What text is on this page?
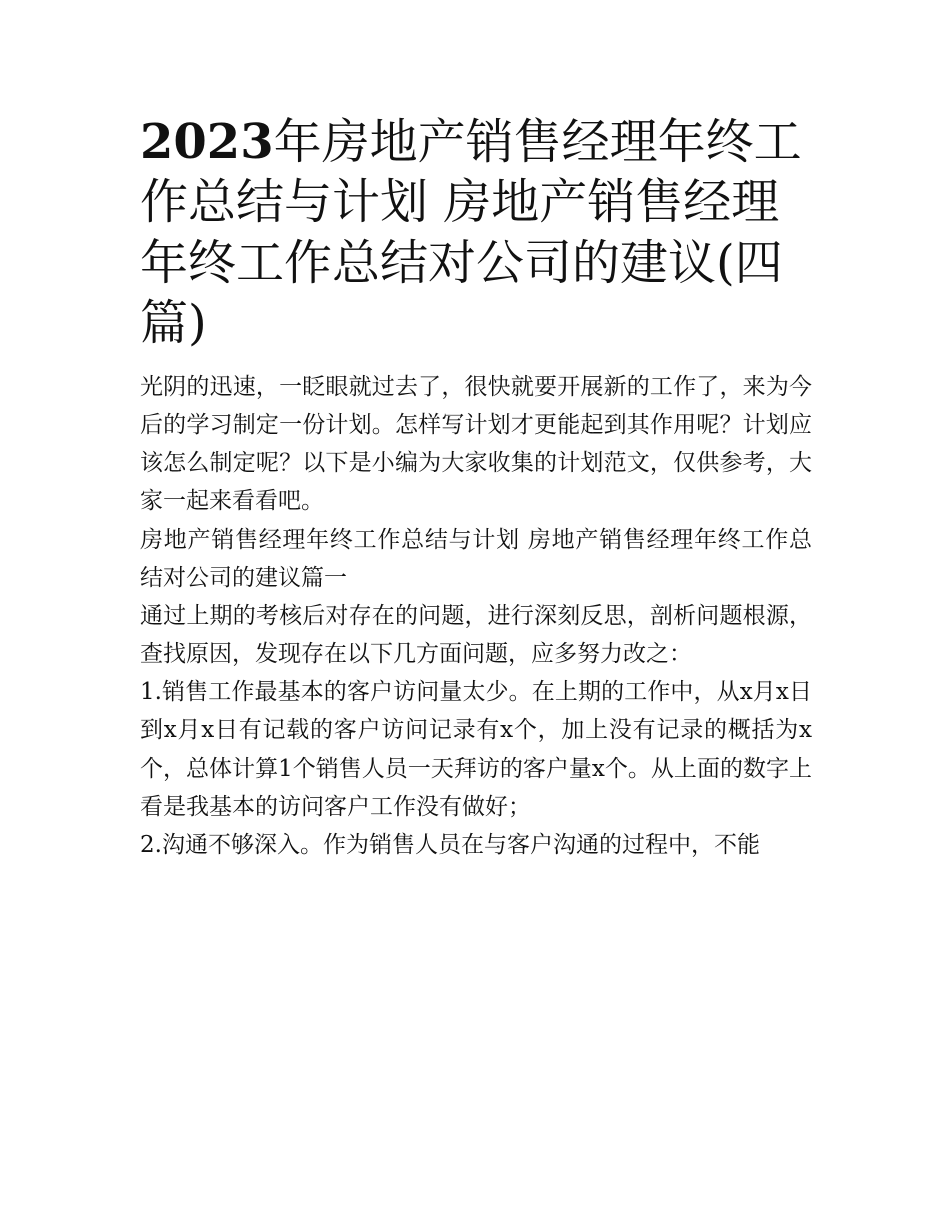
2023年房地产销售经理年终工作总结与计划 房地产销售经理年终工作总结对公司的建议(四篇)

光阴的迅速，一眨眼就过去了，很快就要开展新的工作了，来为今后的学习制定一份计划。怎样写计划才更能起到其作用呢？计划应该怎么制定呢？以下是小编为大家收集的计划范文，仅供参考，大家一起来看看吧。

房地产销售经理年终工作总结与计划 房地产销售经理年终工作总结对公司的建议篇一

通过上期的考核后对存在的问题，进行深刻反思，剖析问题根源，查找原因，发现存在以下几方面问题，应多努力改之：

1.销售工作最基本的客户访问量太少。在上期的工作中，从x月x日到x月x日有记载的客户访问记录有x个，加上没有记录的概括为x个，总体计算1个销售人员一天拜访的客户量x个。从上面的数字上看是我基本的访问客户工作没有做好；

2.沟通不够深入。作为销售人员在与客户沟通的过程中，不能
